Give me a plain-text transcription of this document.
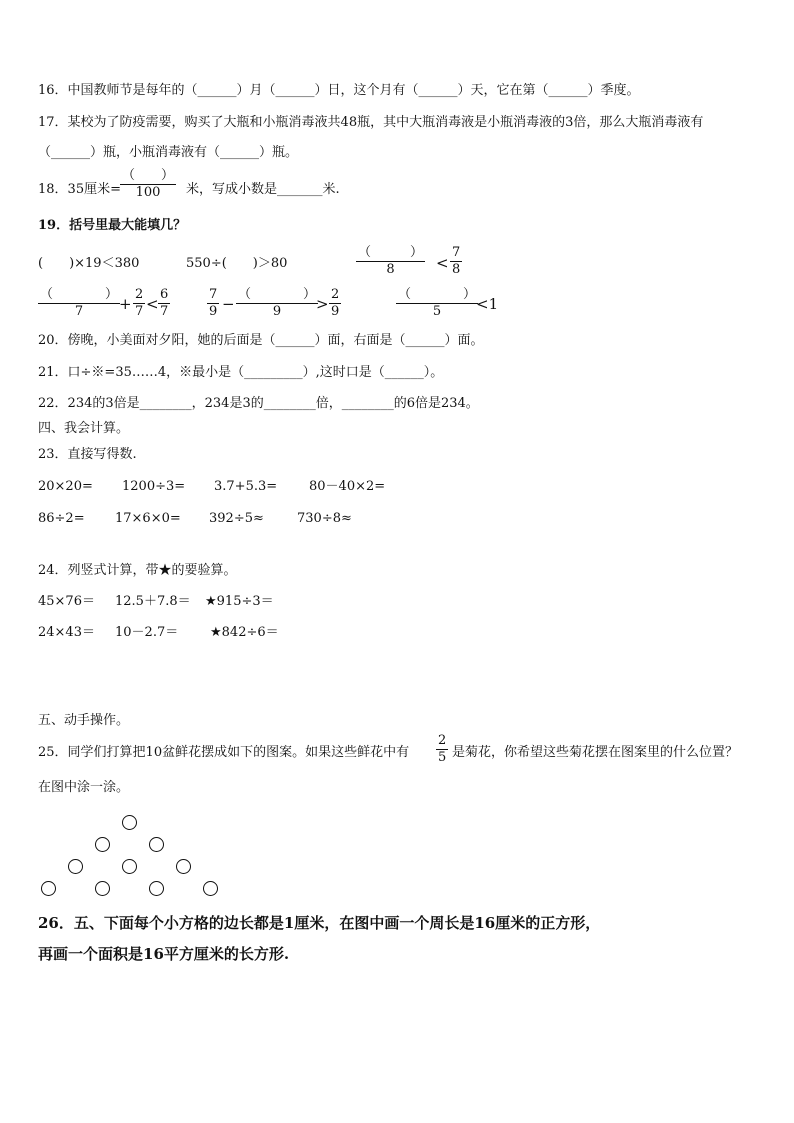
16．中国教师节是每年的（______）月（______）日，这个月有（______）天，它在第（______）季度。
17．某校为了防疫需要，购买了大瓶和小瓶消毒液共48瓶，其中大瓶消毒液是小瓶消毒液的3倍，那么大瓶消毒液有
（______）瓶，小瓶消毒液有（______）瓶。
18．35厘米=
（　　）
100 米，写成小数是_______米.
19．括号里最大能填几？
(　　)×19＜380	550÷(　　)＞80
（　　　）
8	<
7
8
（　　　　）
7 +
2
7 <
6
7
7
9 −
（　　　　）
9 >
2
9
（　　　　）
5 <1
20．傍晚，小美面对夕阳，她的后面是（______）面，右面是（______）面。
21．口÷※=35……4，※最小是（_________）,这时口是（______）。
22．234的3倍是________，234是3的________倍，________的6倍是234。
四、我会计算。
23．直接写得数.
20×20= 1200÷3= 3.7+5.3= 80－40×2=
86÷2= 17×6×0= 392÷5≈	730÷8≈
24．列竖式计算，带★的要验算。
45×76＝ 12.5＋7.8＝ ★915÷3＝
24×43＝ 10－2.7＝ ★842÷6＝
五、动手操作。
25．同学们打算把10盆鲜花摆成如下的图案。如果这些鲜花中有
2
5 是菊花，你希望这些菊花摆在图案里的什么位置？
在图中涂一涂。
26．五、下面每个小方格的边长都是1厘米，在图中画一个周长是16厘米的正方形，
再画一个面积是16平方厘米的长方形.
